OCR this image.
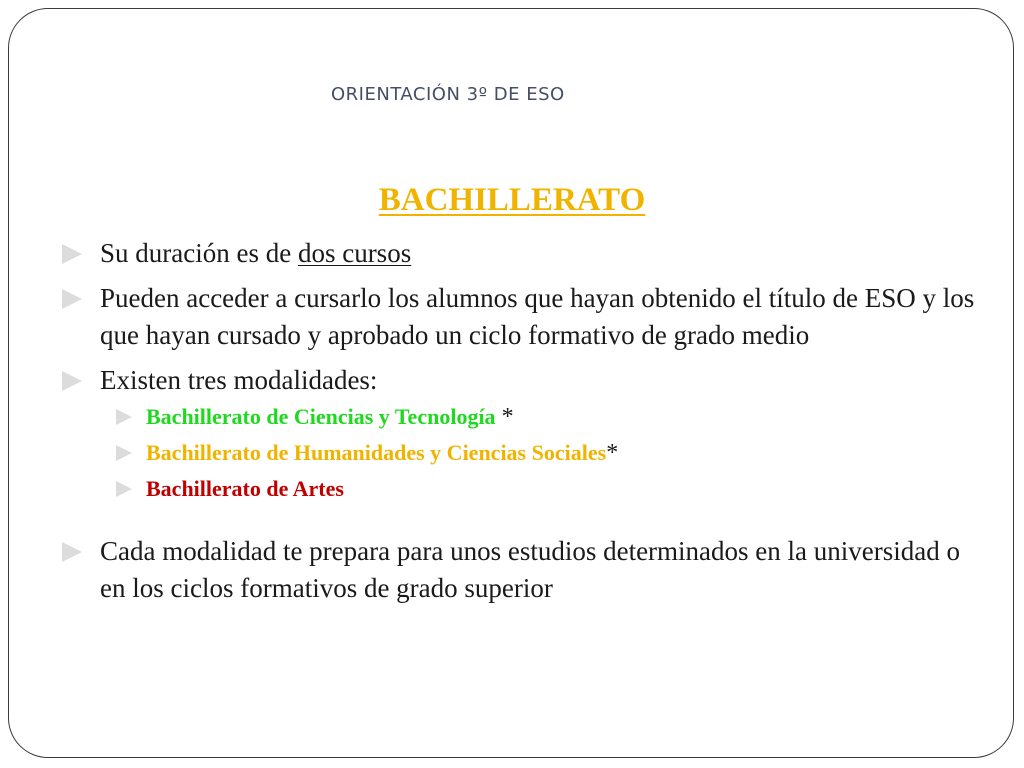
ORIENTACIÓN 3º DE ESO
BACHILLERATO
Su duración es de dos cursos
Pueden acceder a cursarlo los alumnos que hayan obtenido el título de ESO y los que hayan cursado y aprobado un ciclo formativo de grado medio
Existen tres modalidades:
Bachillerato de Ciencias y Tecnología *
Bachillerato de Humanidades y Ciencias Sociales*
Bachillerato de Artes
Cada modalidad te prepara para unos estudios determinados en la universidad o en los ciclos formativos de grado superior
